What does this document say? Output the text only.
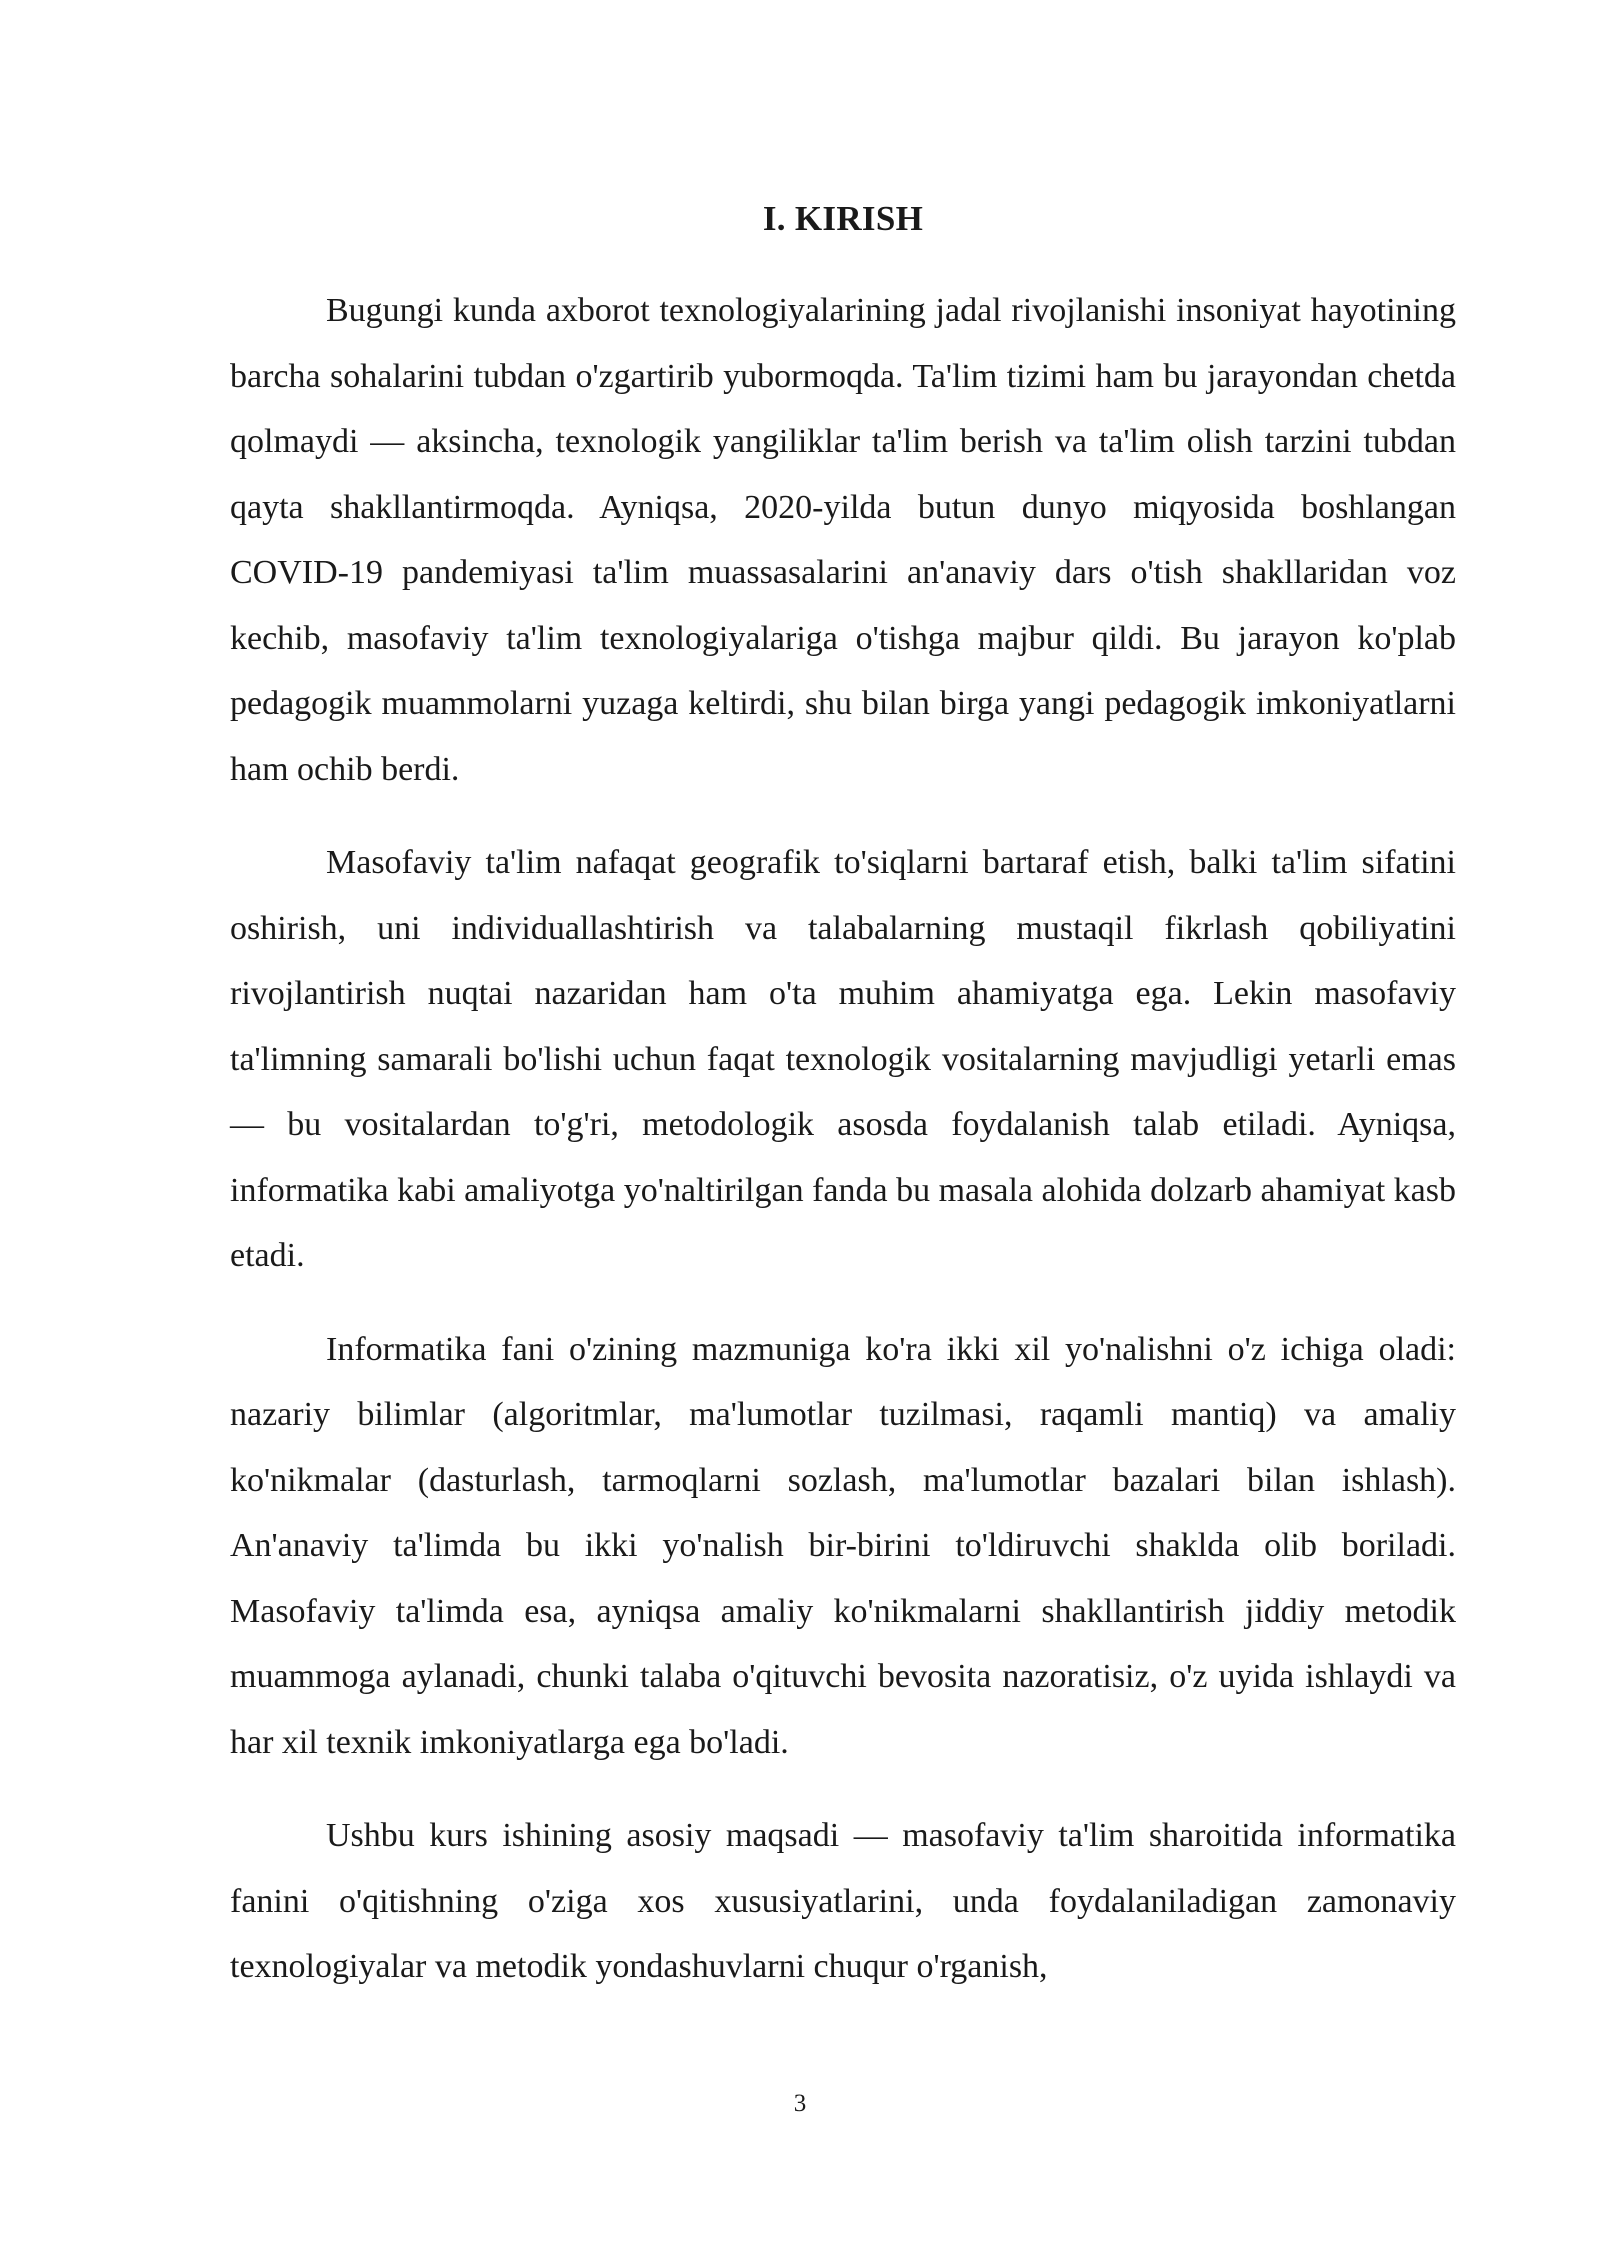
I. KIRISH

Bugungi kunda axborot texnologiyalarining jadal rivojlanishi insoniyat hayotining barcha sohalarini tubdan o'zgartirib yubormoqda. Ta'lim tizimi ham bu jarayondan chetda qolmaydi — aksincha, texnologik yangiliklar ta'lim berish va ta'lim olish tarzini tubdan qayta shakllantirmoqda. Ayniqsa, 2020-yilda butun dunyo miqyosida boshlangan COVID-19 pandemiyasi ta'lim muassasalarini an'anaviy dars o'tish shakllaridan voz kechib, masofaviy ta'lim texnologiyalariga o'tishga majbur qildi. Bu jarayon ko'plab pedagogik muammolarni yuzaga keltirdi, shu bilan birga yangi pedagogik imkoniyatlarni ham ochib berdi.

Masofaviy ta'lim nafaqat geografik to'siqlarni bartaraf etish, balki ta'lim sifatini oshirish, uni individuallashtirish va talabalarning mustaqil fikrlash qobiliyatini rivojlantirish nuqtai nazaridan ham o'ta muhim ahamiyatga ega. Lekin masofaviy ta'limning samarali bo'lishi uchun faqat texnologik vositalarning mavjudligi yetarli emas — bu vositalardan to'g'ri, metodologik asosda foydalanish talab etiladi. Ayniqsa, informatika kabi amaliyotga yo'naltirilgan fanda bu masala alohida dolzarb ahamiyat kasb etadi.

Informatika fani o'zining mazmuniga ko'ra ikki xil yo'nalishni o'z ichiga oladi: nazariy bilimlar (algoritmlar, ma'lumotlar tuzilmasi, raqamli mantiq) va amaliy ko'nikmalar (dasturlash, tarmoqlarni sozlash, ma'lumotlar bazalari bilan ishlash). An'anaviy ta'limda bu ikki yo'nalish bir-birini to'ldiruvchi shaklda olib boriladi. Masofaviy ta'limda esa, ayniqsa amaliy ko'nikmalarni shakllantirish jiddiy metodik muammoga aylanadi, chunki talaba o'qituvchi bevosita nazoratisiz, o'z uyida ishlaydi va har xil texnik imkoniyatlarga ega bo'ladi.

Ushbu kurs ishining asosiy maqsadi — masofaviy ta'lim sharoitida informatika fanini o'qitishning o'ziga xos xususiyatlarini, unda foydalaniladigan zamonaviy texnologiyalar va metodik yondashuvlarni chuqur o'rganish,

3
